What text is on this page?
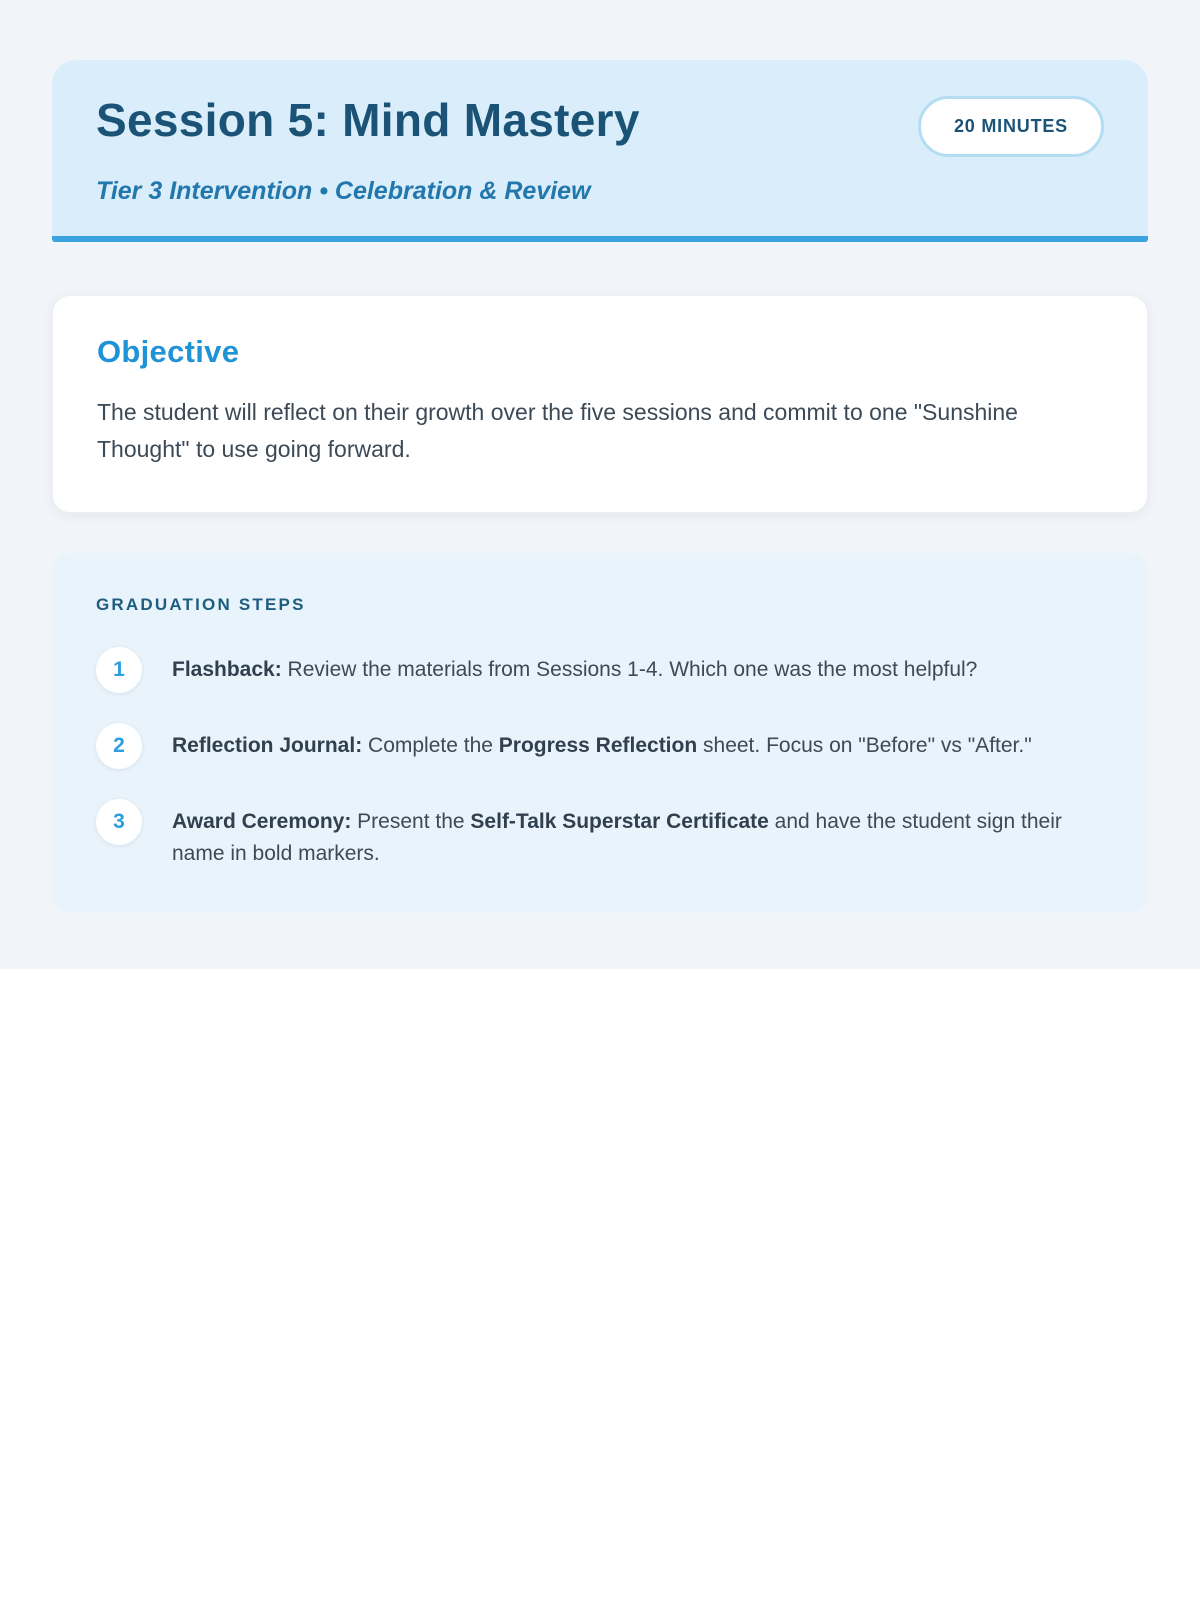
Session 5: Mind Mastery	20 MINUTES
Tier 3 Intervention • Celebration & Review
Objective

The student will reflect on their growth over the five sessions and commit to one "Sunshine Thought" to use going forward.

GRADUATION STEPS
1	Flashback: Review the materials from Sessions 1-4. Which one was the most helpful?
2	Reflection Journal: Complete the Progress Reflection sheet. Focus on "Before" vs "After."
3	Award Ceremony: Present the Self-Talk Superstar Certificate and have the student sign their name in bold markers.
